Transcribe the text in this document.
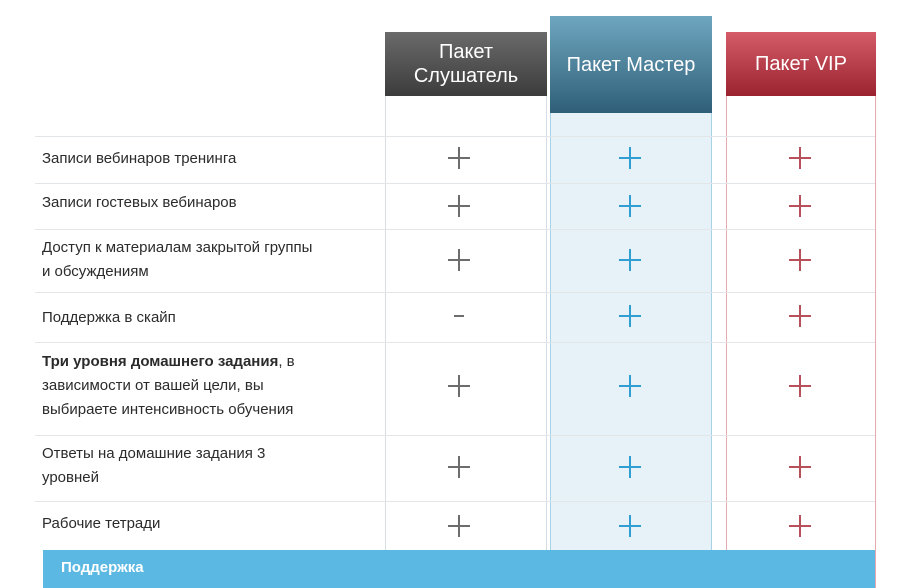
Пакет Слушатель
Пакет Мастер	Пакет VIP
Записи вебинаров тренинга
Записи гостевых вебинаров
Доступ к материалам закрытой группы
и обсуждениям
Поддержка в скайп
Три уровня домашнего задания, в
зависимости от вашей цели, вы
выбираете интенсивность обучения
Ответы на домашние задания 3
уровней
Рабочие тетради
Поддержка
